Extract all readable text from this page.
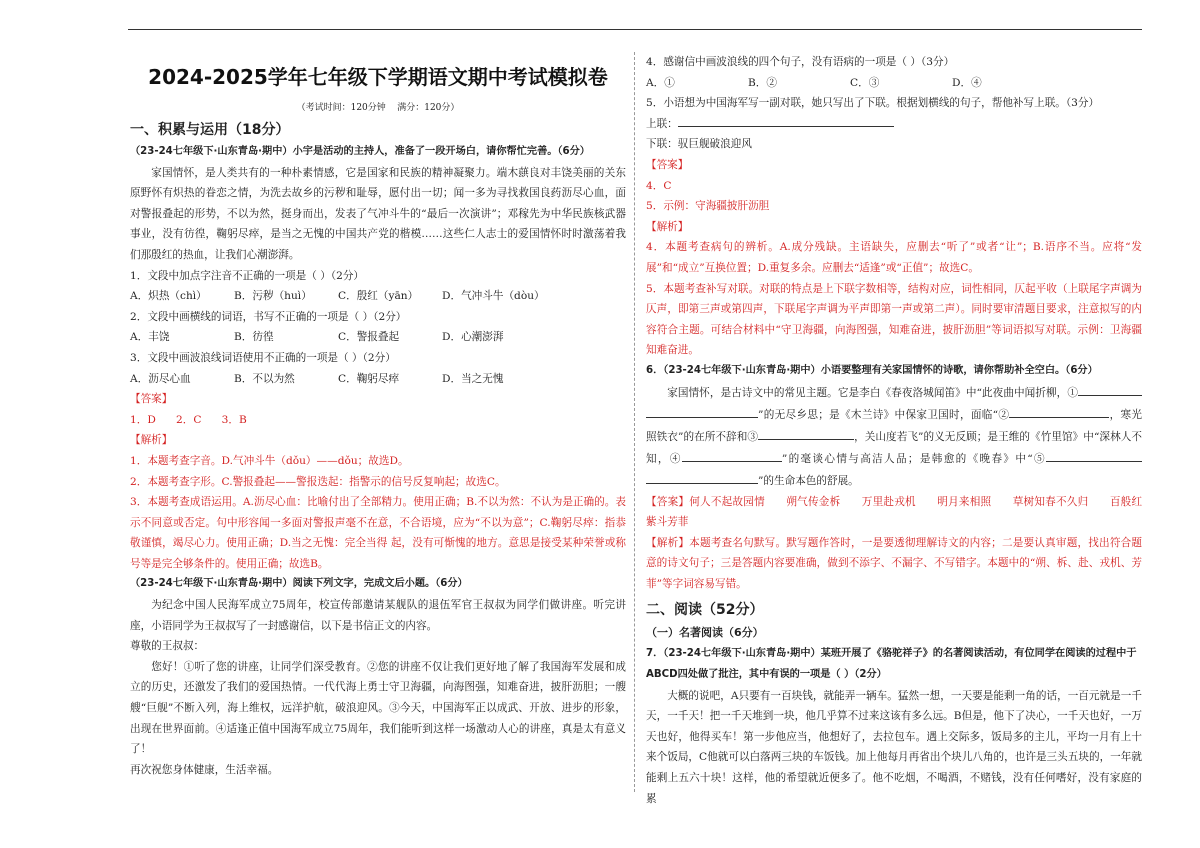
2024-2025学年七年级下学期语文期中考试模拟卷
（考试时间：120分钟    满分：120分）
一、积累与运用（18分）
（23-24七年级下·山东青岛·期中）小宇是活动的主持人，准备了一段开场白，请你帮忙完善。（6分）
家国情怀，是人类共有的一种朴素情感，它是国家和民族的精神凝聚力。端木蕻良对丰饶美丽的关东原野怀有炽热的眷恋之情，为洗去故乡的污秽和耻辱，愿付出一切；闻一多为寻找救国良药沥尽心血，面对警报叠起的形势，不以为然，挺身而出，发表了气冲斗牛的“最后一次演讲”；邓稼先为中华民族核武器事业，没有彷徨，鞠躬尽瘁，是当之无愧的中国共产党的楷模……这些仁人志士的爱国情怀时时激荡着我们那殷红的热血，让我们心潮澎湃。
1．文段中加点字注音不正确的一项是（ ）（2分）
A．炽热（chì）	B．污秽（huì）	C．殷红（yān）	D．气冲斗牛（dòu）
2．文段中画横线的词语，书写不正确的一项是（ ）（2分）
A．丰饶	B．彷徨	C．警报叠起	D．心潮澎湃
3．文段中画波浪线词语使用不正确的一项是（ ）（2分）
A．沥尽心血	B．不以为然	C．鞠躬尽瘁	D．当之无愧
【答案】
1．D      2．C      3．B
【解析】
1．本题考查字音。D.气冲斗牛（dǒu）——dǒu；故选D。
2．本题考查字形。C.警报叠起——警报迭起：指警示的信号反复响起；故选C。
3．本题考查成语运用。A.沥尽心血：比喻付出了全部精力。使用正确；B.不以为然：不认为是正确的。表示不同意或否定。句中形容闻一多面对警报声毫不在意，不合语境，应为“不以为意”；C.鞠躬尽瘁：指恭敬谨慎，竭尽心力。使用正确；D.当之无愧：完全当得 起，没有可惭愧的地方。意思是接受某种荣誉或称号等是完全够条件的。使用正确；故选B。
（23-24七年级下·山东青岛·期中）阅读下列文字，完成文后小题。（6分）
为纪念中国人民海军成立75周年，校宣传部邀请某舰队的退伍军官王叔叔为同学们做讲座。听完讲座，小语同学为王叔叔写了一封感谢信，以下是书信正文的内容。
尊敬的王叔叔：
您好！①听了您的讲座，让同学们深受教育。②您的讲座不仅让我们更好地了解了我国海军发展和成立的历史，还激发了我们的爱国热情。一代代海上勇士守卫海疆，向海图强，知难奋进，披肝沥胆；一艘艘“巨舰”不断入列，海上维权，远洋护航，破浪迎风。③今天，中国海军正以成武、开放、进步的形象，出现在世界面前。④适逢正值中国海军成立75周年，我们能听到这样一场激动人心的讲座，真是太有意义了！
再次祝您身体健康，生活幸福。
4．感谢信中画波浪线的四个句子，没有语病的一项是（ ）（3分）
A．①	B．②	C．③	D．④
5．小语想为中国海军写一副对联，她只写出了下联。根据划横线的句子，帮他补写上联。（3分）
上联：
下联：驭巨舰破浪迎风
【答案】
4．C
5．示例：守海疆披肝沥胆
【解析】
4．本题考查病句的辨析。A.成分残缺。主语缺失，应删去“听了”或者“让”；B.语序不当。应将“发展”和“成立”互换位置；D.重复多余。应删去“适逢”或“正值”；故选C。
5．本题考查补写对联。对联的特点是上下联字数相等，结构对应，词性相同，仄起平收（上联尾字声调为仄声，即第三声或第四声，下联尾字声调为平声即第一声或第二声）。同时要审清题目要求，注意拟写的内容符合主题。可结合材料中“守卫海疆，向海图强，知难奋进，披肝沥胆”等词语拟写对联。示例：卫海疆知难奋进。
6．（23-24七年级下·山东青岛·期中）小语要整理有关家国情怀的诗歌，请你帮助补全空白。（6分）
家国情怀，是古诗文中的常见主题。它是李白《春夜洛城闻笛》中“此夜曲中闻折柳，①”的无尽乡思；是《木兰诗》中保家卫国时，面临“②	，寒光照铁衣”的在所不辞和③	，关山度若飞”的义无反顾；是王维的《竹里馆》中“深林人不知，④	”的毫谈心情与高洁人品；是韩愈的《晚春》中“⑤”的生命本色的舒展。
【答案】何人不起故园情   朔气传金柝   万里赴戎机   明月来相照   草树知春不久归   百般红紫斗芳菲
【解析】本题考查名句默写。默写题作答时，一是要透彻理解诗文的内容；二是要认真审题，找出符合题意的诗文句子；三是答题内容要准确，做到不添字、不漏字、不写错字。本题中的“朔、柝、赴、戎机、芳菲”等字词容易写错。
二、阅读（52分）
（一）名著阅读（6分）
7．（23-24七年级下·山东青岛·期中）某班开展了《骆驼祥子》的名著阅读活动，有位同学在阅读的过程中于ABCD四处做了批注，其中有误的一项是（ ）（2分）
大概的说吧，A只要有一百块钱，就能弄一辆车。猛然一想，一天要是能剩一角的话，一百元就是一千天，一千天！把一千天堆到一块，他几乎算不过来这该有多么远。B但是，他下了决心，一千天也好，一万天也好，他得买车！第一步他应当，他想好了，去拉包车。遇上交际多，饭局多的主儿，平均一月有上十来个饭局，C他就可以白落两三块的车饭钱。加上他每月再省出个块儿八角的，也许是三头五块的，一年就能剩上五六十块！这样，他的希望就近便多了。他不吃烟，不喝酒，不赌钱，没有任何嗜好，没有家庭的累
